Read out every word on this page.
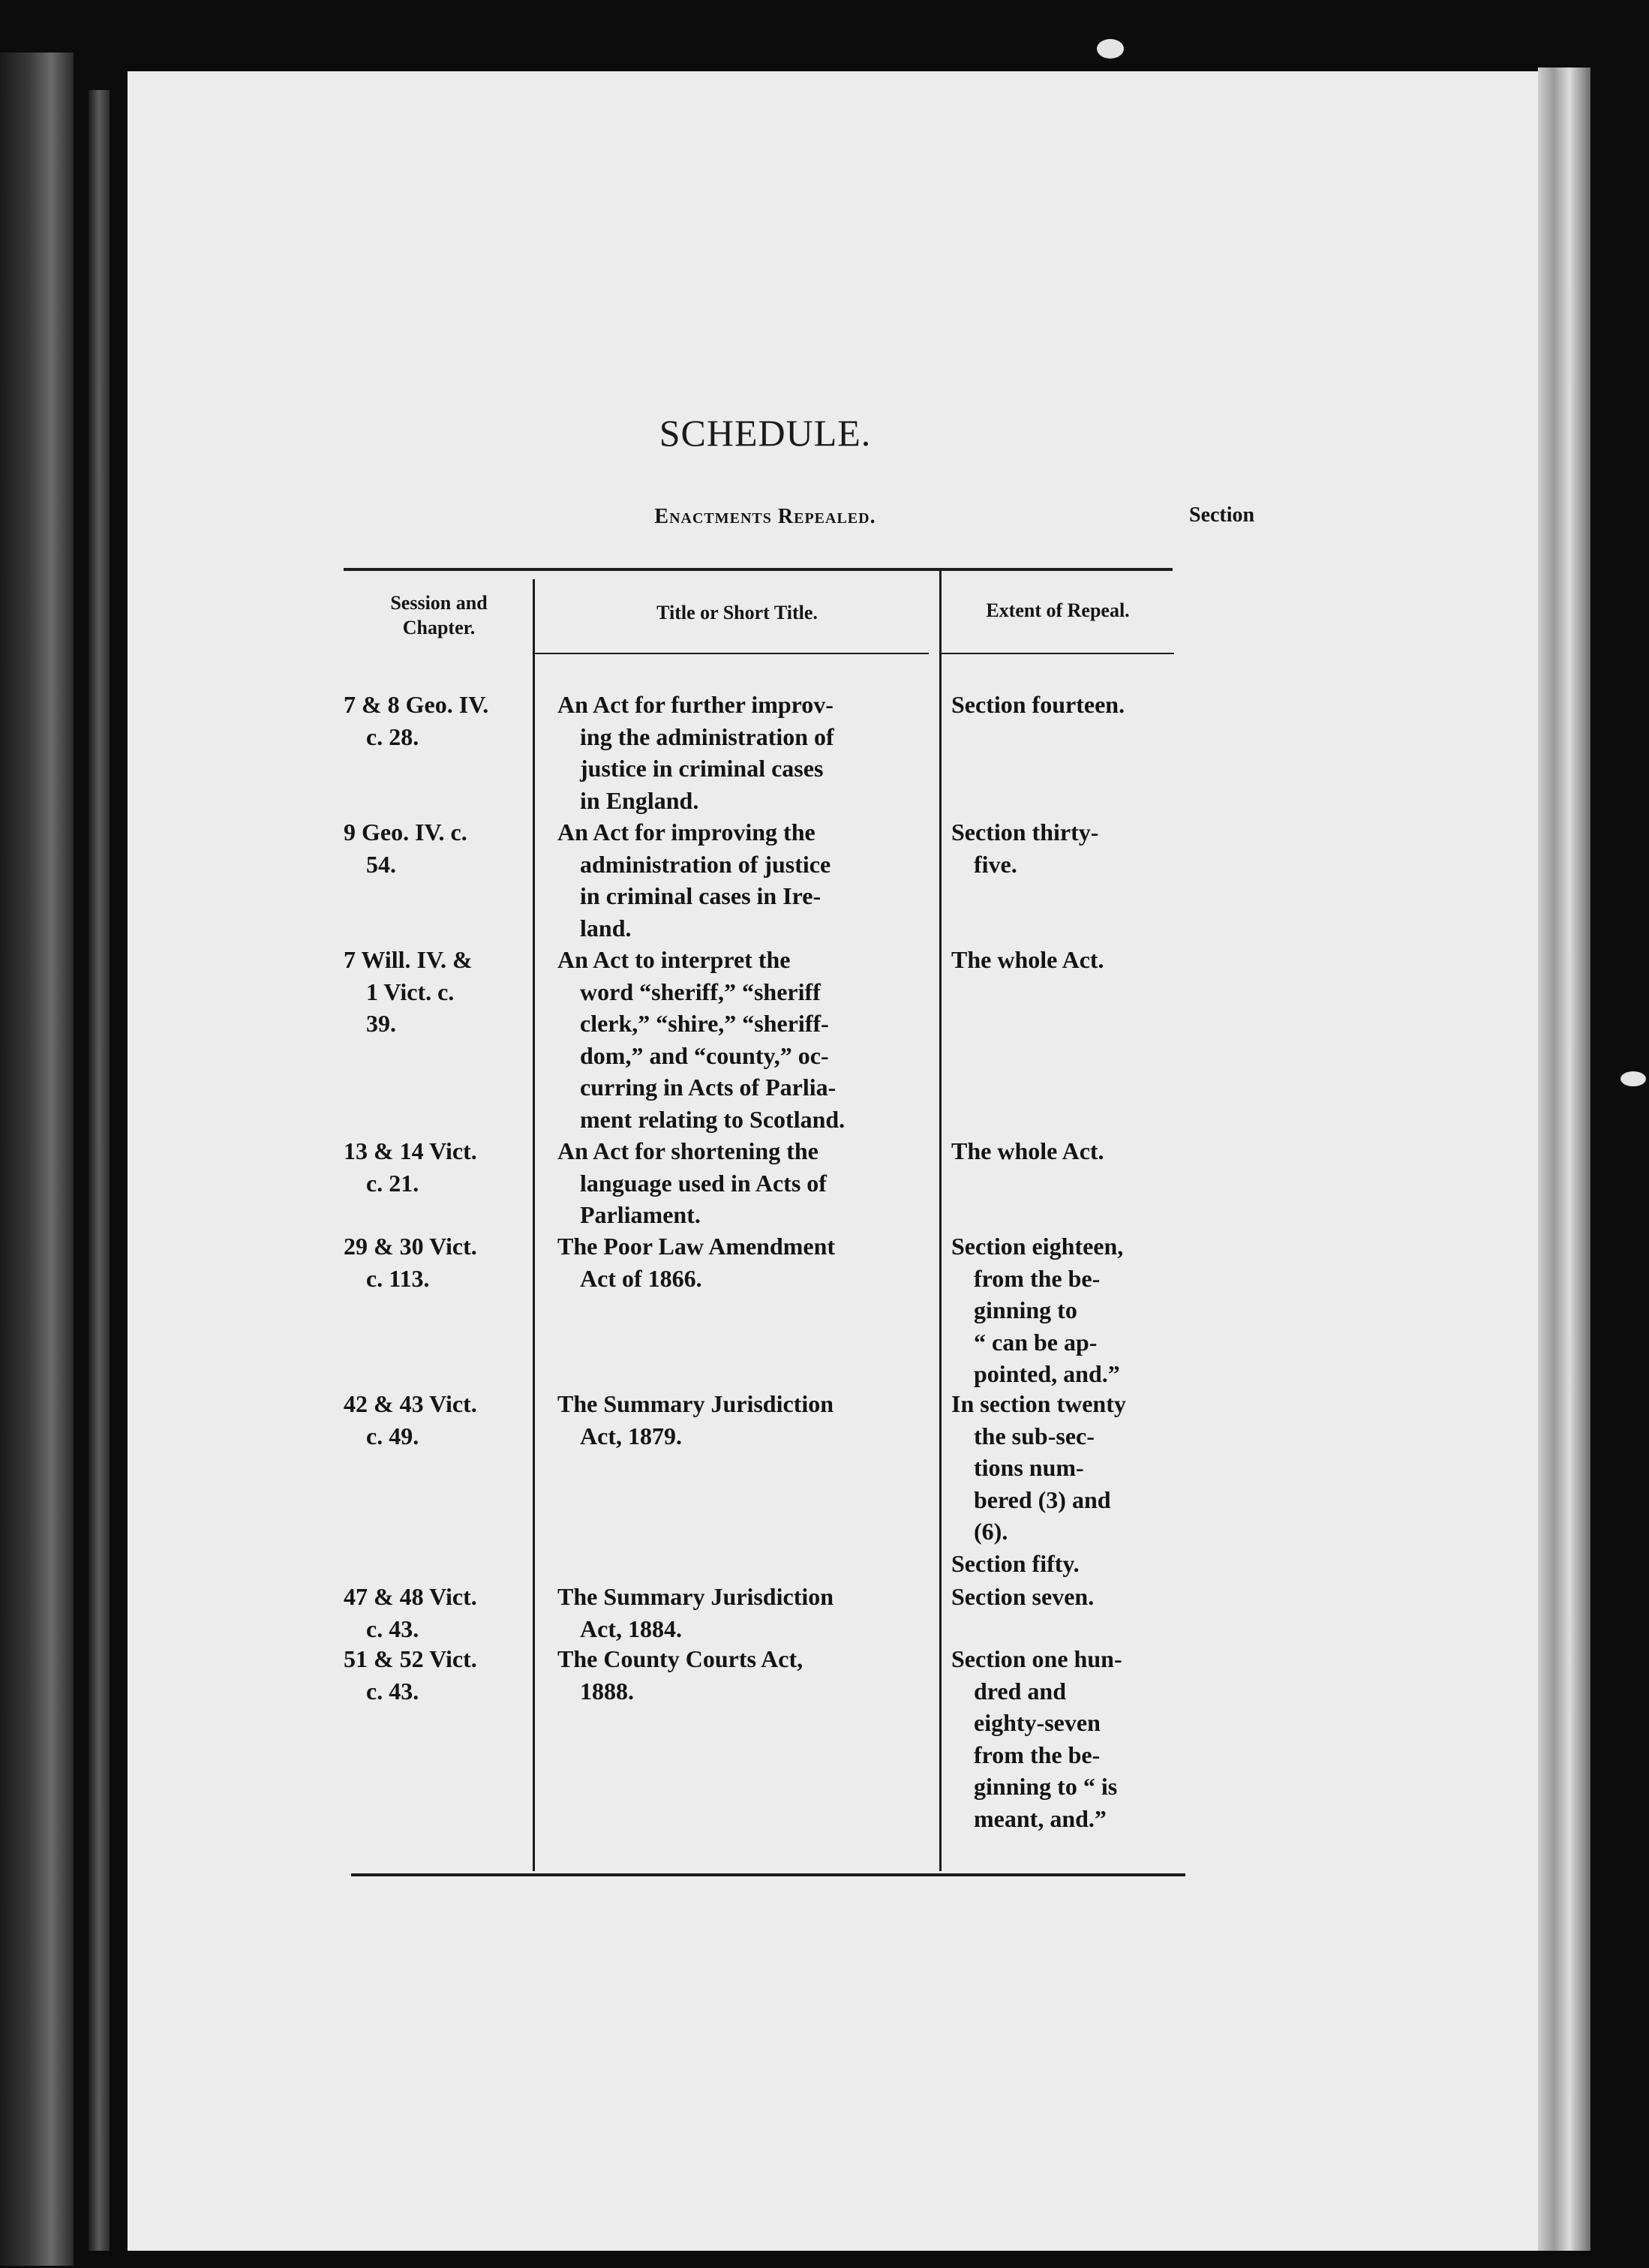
SCHEDULE.
Enactments Repealed.	Section
Session and
Chapter.
Title or Short Title.	Extent of Repeal.
7 & 8 Geo. IV.
c. 28.
An Act for further improv-
ing the administration of
justice in criminal cases
in England.
Section fourteen.
9 Geo. IV. c.
54.
An Act for improving the
administration of justice
in criminal cases in Ire-
land.
Section thirty-
five.
7 Will. IV. &
1 Vict. c.
39.
An Act to interpret the
word “sheriff,” “sheriff
clerk,” “shire,” “sheriff-
dom,” and “county,” oc-
curring in Acts of Parlia-
ment relating to Scotland.
The whole Act.
13 & 14 Vict.
c. 21.
An Act for shortening the
language used in Acts of
Parliament.
The whole Act.
29 & 30 Vict.
c. 113.
The Poor Law Amendment
Act of 1866.
Section eighteen,
from the be-
ginning to
“ can be ap-
pointed, and.”
42 & 43 Vict.
c. 49.
The Summary Jurisdiction
Act, 1879.
In section twenty
the sub-sec-
tions num-
bered (3) and
(6).
Section fifty.
47 & 48 Vict.
c. 43.
The Summary Jurisdiction
Act, 1884.
Section seven.
51 & 52 Vict.
c. 43.
The County Courts Act,
1888.
Section one hun-
dred and
eighty-seven
from the be-
ginning to “ is
meant, and.”
